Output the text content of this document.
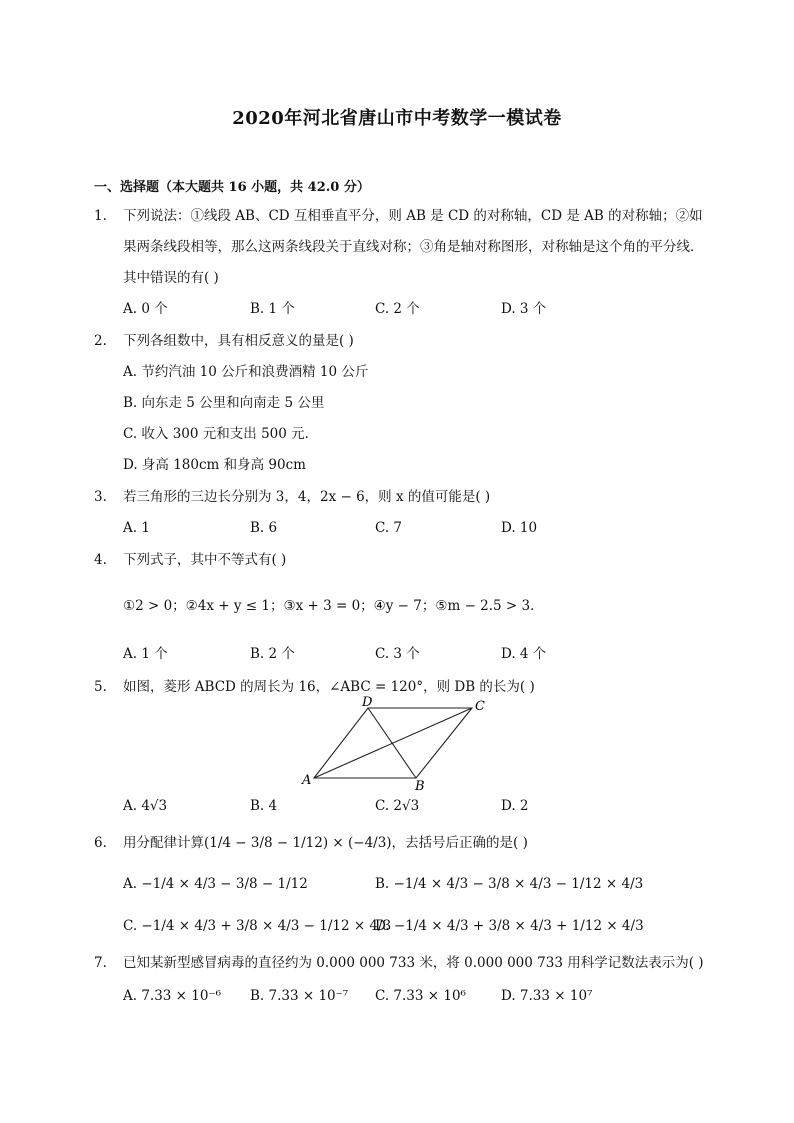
2020年河北省唐山市中考数学一模试卷
一、选择题（本大题共 16 小题，共 42.0 分）
1.	下列说法：①线段 AB、CD 互相垂直平分，则 AB 是 CD 的对称轴，CD 是 AB 的对称轴；②如果两条线段相等，那么这两条线段关于直线对称；③角是轴对称图形，对称轴是这个角的平分线．其中错误的有( )
A. 0 个	B. 1 个	C. 2 个	D. 3 个
2.	下列各组数中，具有相反意义的量是( )
A. 节约汽油 10 公斤和浪费酒精 10 公斤
B. 向东走 5 公里和向南走 5 公里
C. 收入 300 元和支出 500 元．
D. 身高 180cm 和身高 90cm
3.	若三角形的三边长分别为 3，4，2x − 6，则 x 的值可能是( )
A. 1	B. 6	C. 7	D. 10
4.	下列式子，其中不等式有( )
①2 > 0；②4x + y ≤ 1；③x + 3 = 0；④y − 7；⑤m − 2.5 > 3．
A. 1 个	B. 2 个	C. 3 个	D. 4 个
5.	如图，菱形 ABCD 的周长为 16，∠ABC = 120°，则 DB 的长为( )
D	C
A	B
A. 4√3	B. 4	C. 2√3	D. 2
6.	用分配律计算(1/4 − 3/8 − 1/12) × (−4/3)，去括号后正确的是( )
A. −1/4 × 4/3 − 3/8 − 1/12	B. −1/4 × 4/3 − 3/8 × 4/3 − 1/12 × 4/3
C. −1/4 × 4/3 + 3/8 × 4/3 − 1/12 × 4/3
D. −1/4 × 4/3 + 3/8 × 4/3 + 1/12 × 4/3
7.	已知某新型感冒病毒的直径约为 0.000 000 733 米，将 0.000 000 733 用科学记数法表示为( )
A. 7.33 × 10⁻⁶ B. 7.33 × 10⁻⁷ C. 7.33 × 10⁶	D. 7.33 × 10⁷
